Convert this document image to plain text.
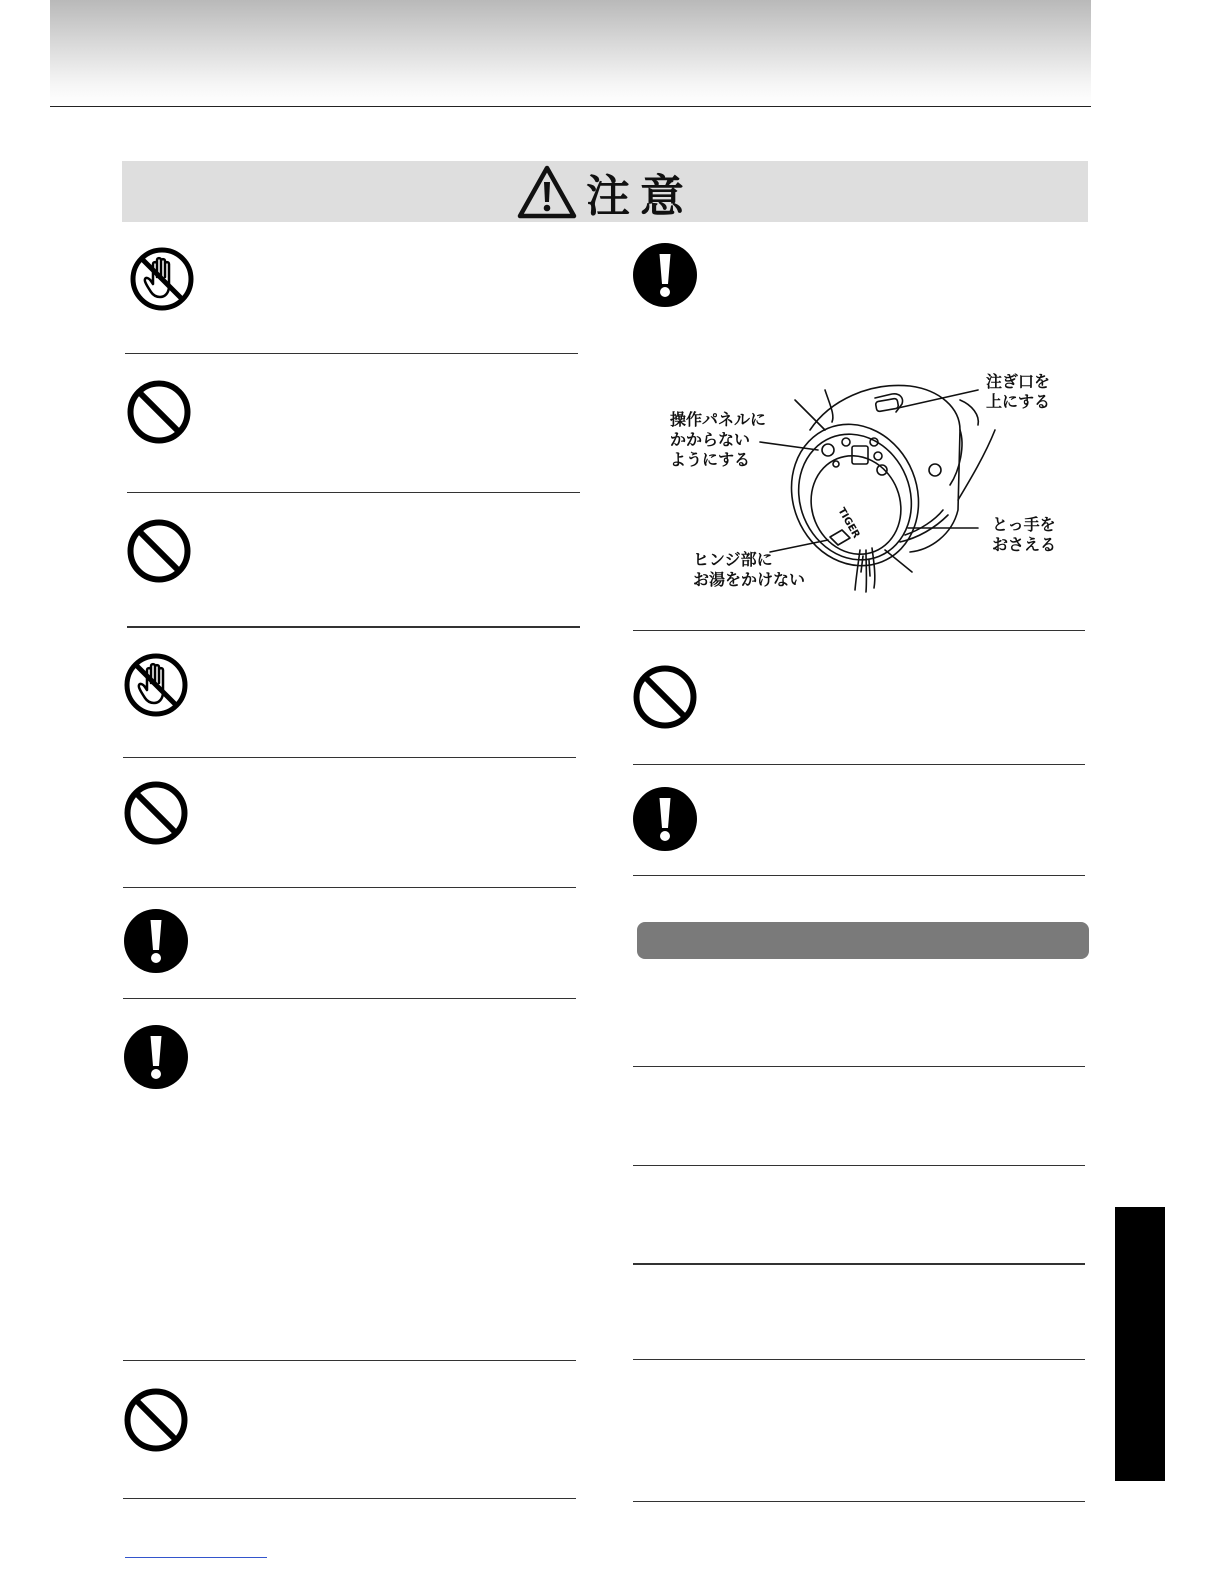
注意
TIGER
注ぎ口を
上にする
操作パネルに
かからない
ようにする
とっ手を
おさえる
ヒンジ部に
お湯をかけない
